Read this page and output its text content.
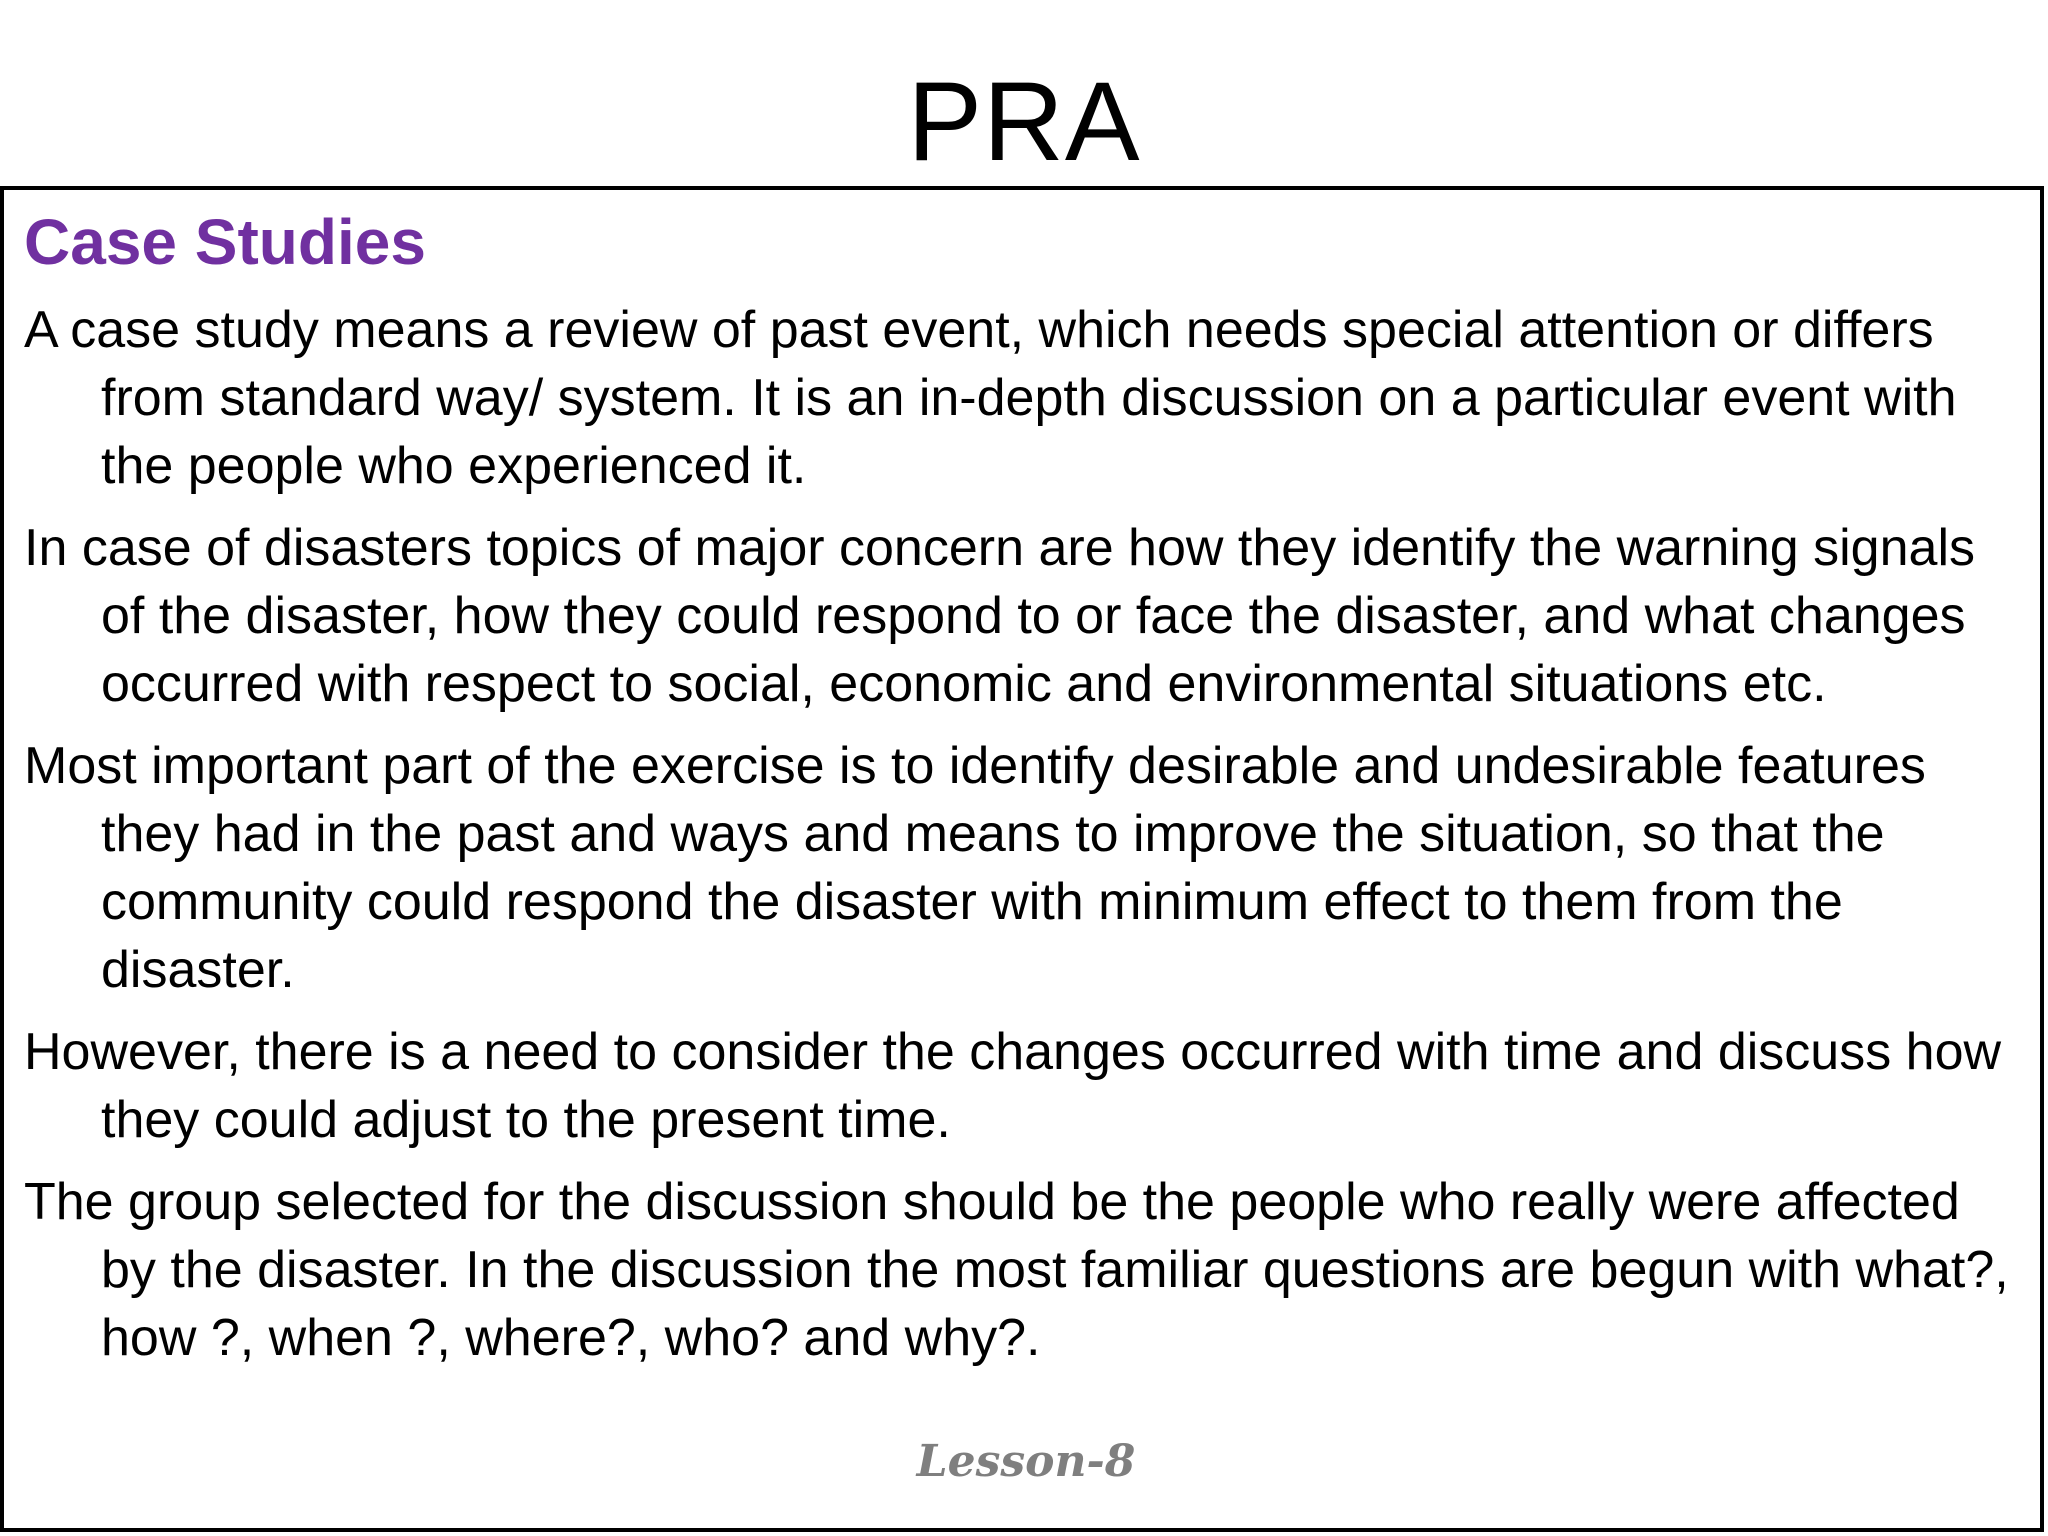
PRA
Case Studies
A case study means a review of past event, which needs special attention or differs from standard way/ system. It is an in-depth discussion on a particular event with the people who experienced it.
In case of disasters topics of major concern are how they identify the warning signals of the disaster, how they could respond to or face the disaster, and what changes occurred with respect to social, economic and environmental situations etc.
Most important part of the exercise is to identify desirable and undesirable features they had in the past and ways and means to improve the situation, so that the community could respond the disaster with minimum effect to them from the disaster.
However, there is a need to consider the changes occurred with time and discuss how they could adjust to the present time.
The group selected for the discussion should be the people who really were affected by the disaster. In the discussion the most familiar questions are begun with what?, how ?, when ?, where?, who? and why?.
Lesson-8
